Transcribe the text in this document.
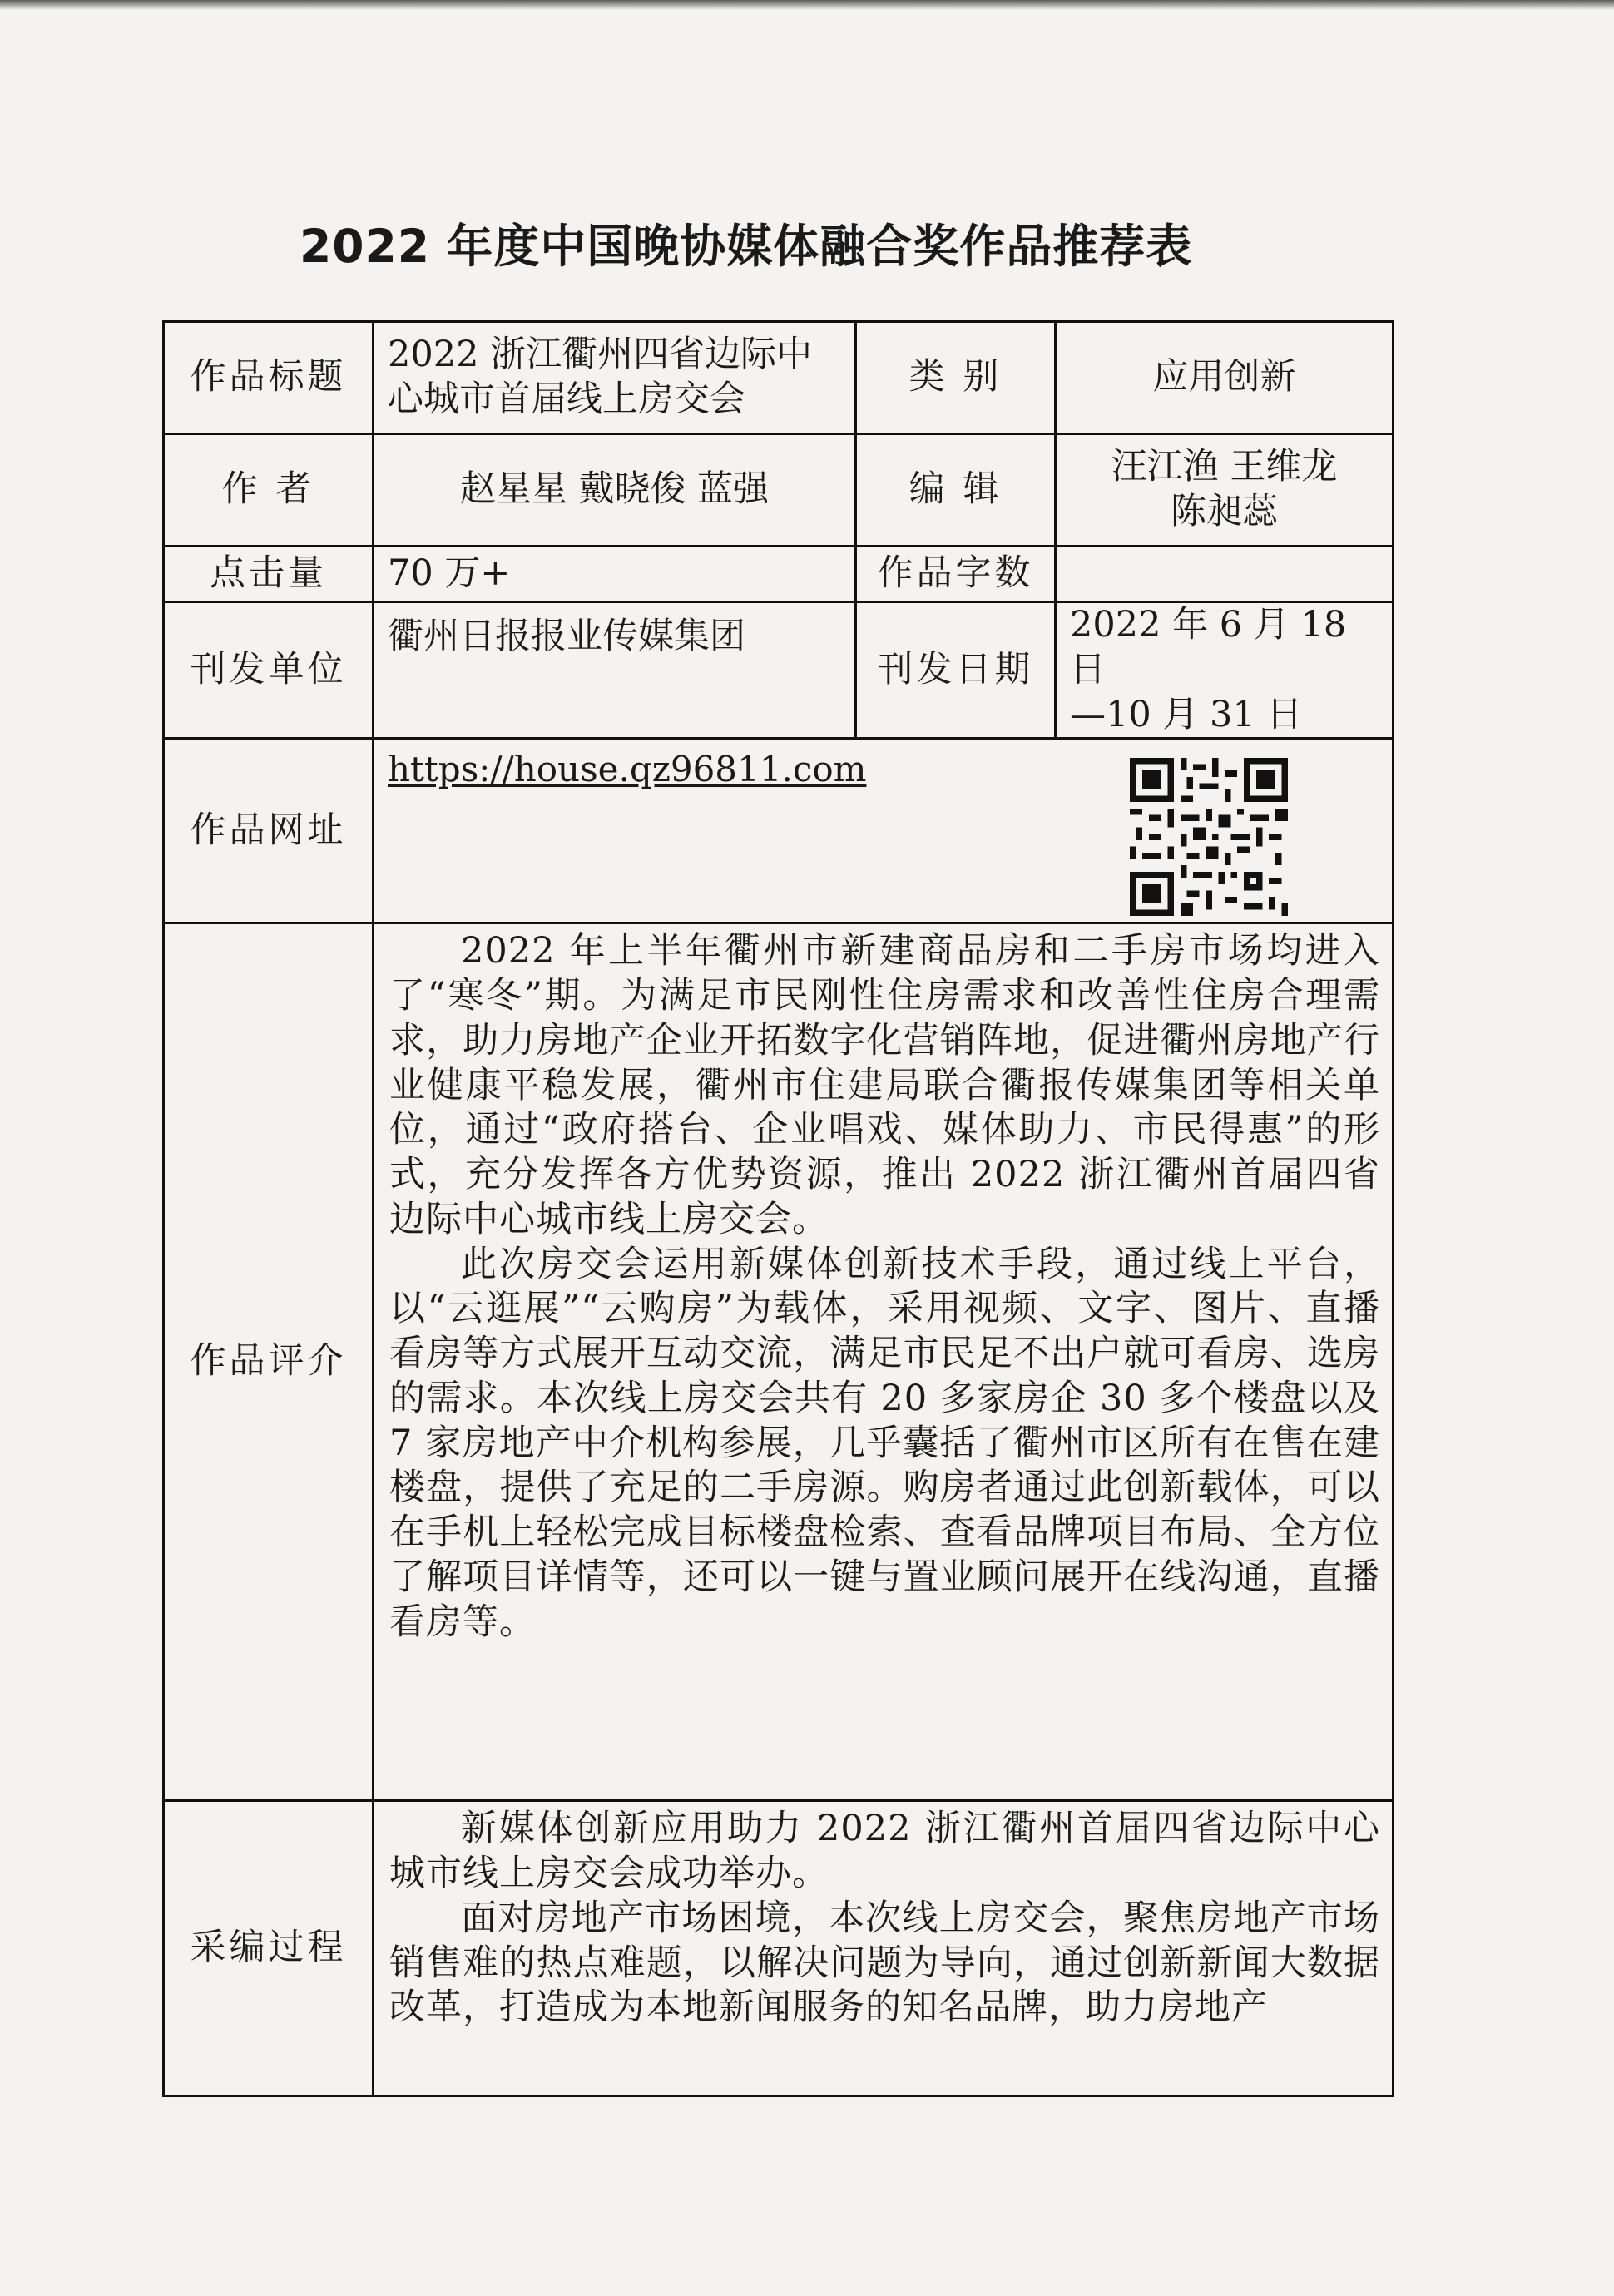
2022 年度中国晚协媒体融合奖作品推荐表
作品标题	2022 浙江衢州四省边际中心城市首届线上房交会	类 别	应用创新
作 者	赵星星 戴晓俊 蓝强	编 辑	汪江渔 王维龙
陈昶蕊

点击量	70 万+	作品字数	
刊发单位	衢州日报报业传媒集团	刊发日期	2022 年 6 月 18 日
—10 月 31 日

作品网址	https://house.qz96811.com		

作品评介	2022 年上半年衢州市新建商品房和二手房市场均进入了“寒冬”期。为满足市民刚性住房需求和改善性住房合理需求，助力房地产企业开拓数字化营销阵地，促进衢州房地产行业健康平稳发展，衢州市住建局联合衢报传媒集团等相关单位，通过“政府搭台、企业唱戏、媒体助力、市民得惠”的形式，充分发挥各方优势资源，推出 2022 浙江衢州首届四省边际中心城市线上房交会。

此次房交会运用新媒体创新技术手段，通过线上平台，以“云逛展”“云购房”为载体，采用视频、文字、图片、直播看房等方式展开互动交流，满足市民足不出户就可看房、选房的需求。本次线上房交会共有 20 多家房企 30 多个楼盘以及 7 家房地产中介机构参展，几乎囊括了衢州市区所有在售在建楼盘，提供了充足的二手房源。购房者通过此创新载体，可以在手机上轻松完成目标楼盘检索、查看品牌项目布局、全方位了解项目详情等，还可以一键与置业顾问展开在线沟通，直播看房等。		

采编过程	新媒体创新应用助力 2022 浙江衢州首届四省边际中心城市线上房交会成功举办。

面对房地产市场困境，本次线上房交会，聚焦房地产市场销售难的热点难题，以解决问题为导向，通过创新新闻大数据改革，打造成为本地新闻服务的知名品牌，助力房地产		
